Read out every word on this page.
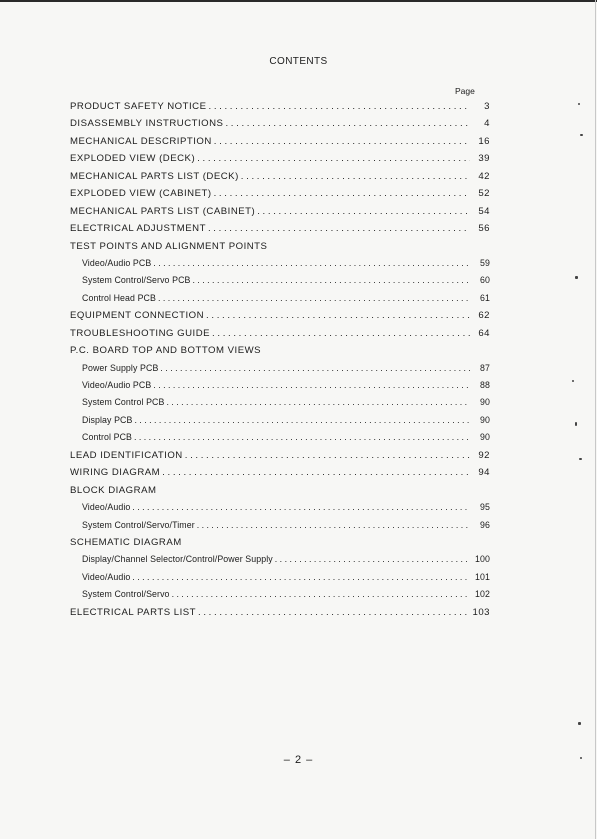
CONTENTS
Page
PRODUCT SAFETY NOTICE . . .	3
DISASSEMBLY INSTRUCTIONS . . .	4
MECHANICAL DESCRIPTION . . .	16
EXPLODED VIEW (DECK) . . .	39
MECHANICAL PARTS LIST (DECK) . . .	42
EXPLODED VIEW (CABINET) . . .	52
MECHANICAL PARTS LIST (CABINET) . . .	54
ELECTRICAL ADJUSTMENT . . .	56
TEST POINTS AND ALIGNMENT POINTS
Video/Audio PCB . . .	59
System Control/Servo PCB . . .	60
Control Head PCB . . .	61
EQUIPMENT CONNECTION . . .	62
TROUBLESHOOTING GUIDE . . .	64
P.C. BOARD TOP AND BOTTOM VIEWS
Power Supply PCB . . .	87
Video/Audio PCB . . .	88
System Control PCB . . .	90
Display PCB . . .	90
Control PCB . . .	90
LEAD IDENTIFICATION . . .	92
WIRING DIAGRAM . . .	94
BLOCK DIAGRAM
Video/Audio . . .	95
System Control/Servo/Timer . . .	96
SCHEMATIC DIAGRAM
Display/Channel Selector/Control/Power Supply . . .	100
Video/Audio . . .	101
System Control/Servo . . .	102
ELECTRICAL PARTS LIST . . .	103
– 2 –
